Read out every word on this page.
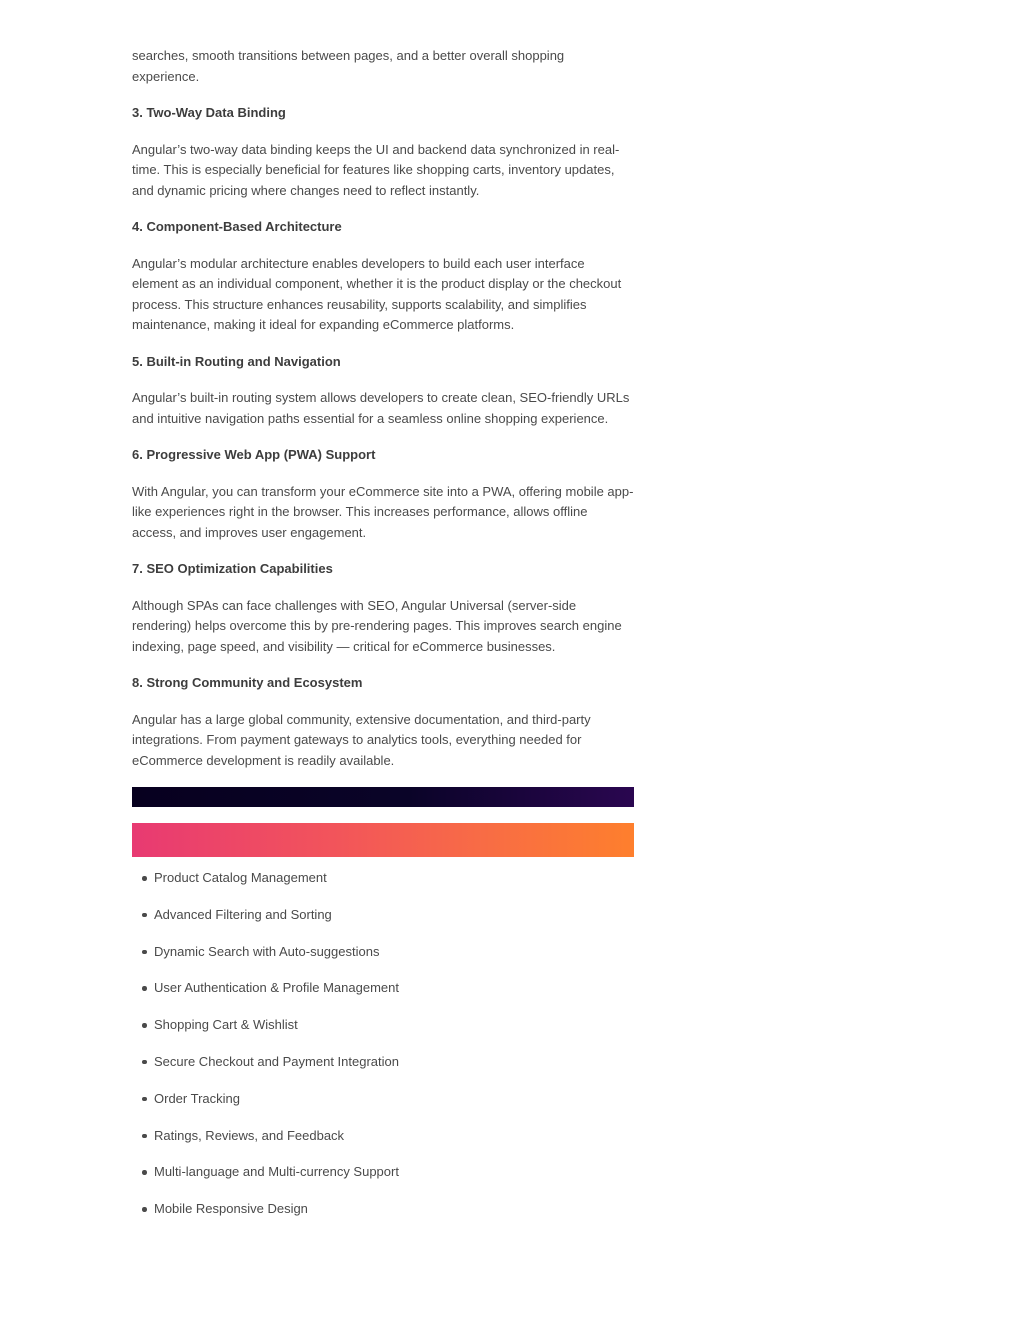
searches, smooth transitions between pages, and a better overall shopping experience.

3. Two-Way Data Binding

Angular’s two-way data binding keeps the UI and backend data synchronized in real-time. This is especially beneficial for features like shopping carts, inventory updates, and dynamic pricing where changes need to reflect instantly.

4. Component-Based Architecture

Angular’s modular architecture enables developers to build each user interface element as an individual component, whether it is the product display or the checkout process. This structure enhances reusability, supports scalability, and simplifies maintenance, making it ideal for expanding eCommerce platforms.

5. Built-in Routing and Navigation

Angular’s built-in routing system allows developers to create clean, SEO-friendly URLs and intuitive navigation paths essential for a seamless online shopping experience.

6. Progressive Web App (PWA) Support

With Angular, you can transform your eCommerce site into a PWA, offering mobile app-like experiences right in the browser. This increases performance, allows offline access, and improves user engagement.

7. SEO Optimization Capabilities

Although SPAs can face challenges with SEO, Angular Universal (server-side rendering) helps overcome this by pre-rendering pages. This improves search engine indexing, page speed, and visibility — critical for eCommerce businesses.

8. Strong Community and Ecosystem

Angular has a large global community, extensive documentation, and third-party integrations. From payment gateways to analytics tools, everything needed for eCommerce development is readily available.

Product Catalog Management
Advanced Filtering and Sorting
Dynamic Search with Auto-suggestions
User Authentication & Profile Management
Shopping Cart & Wishlist
Secure Checkout and Payment Integration
Order Tracking
Ratings, Reviews, and Feedback
Multi-language and Multi-currency Support
Mobile Responsive Design
